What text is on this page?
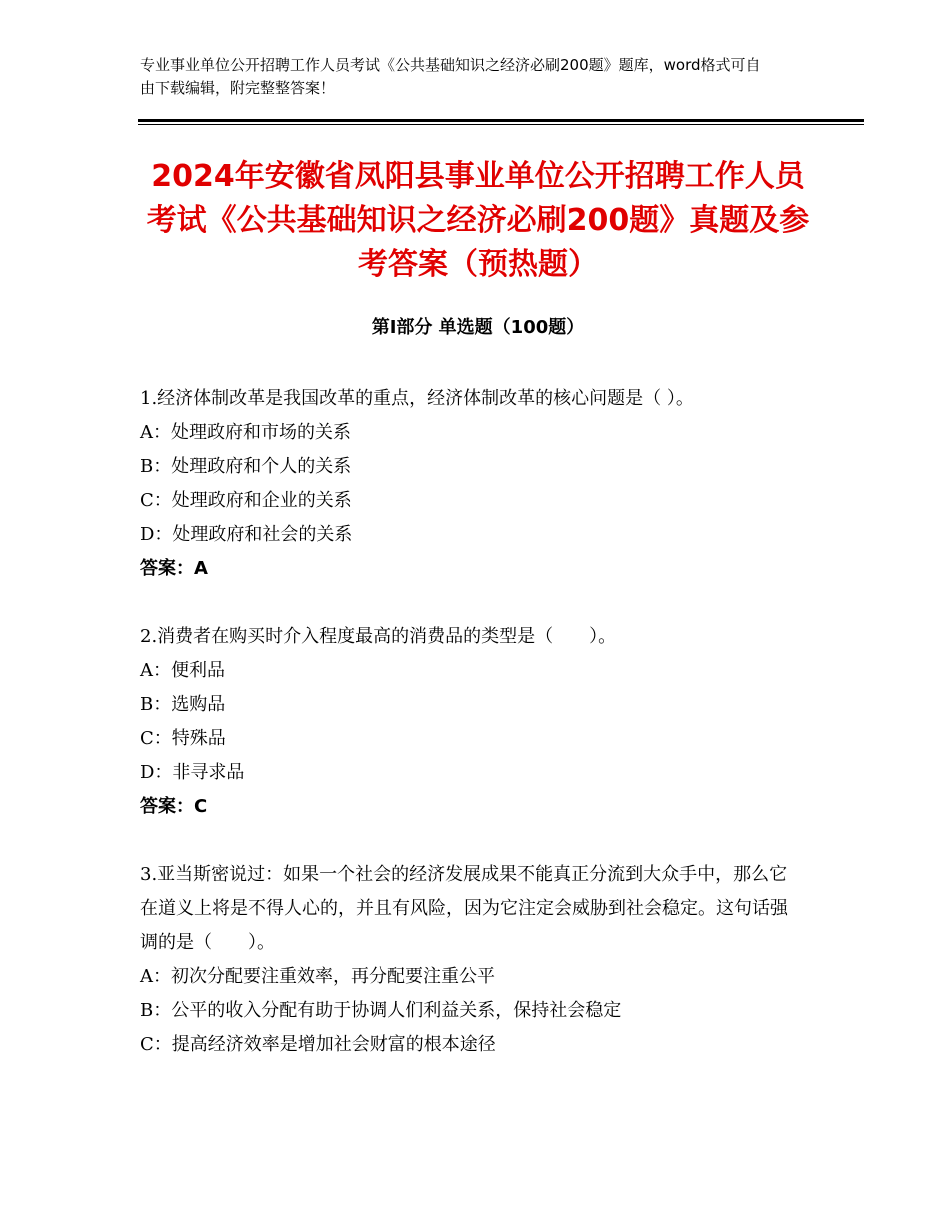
专业事业单位公开招聘工作人员考试《公共基础知识之经济必刷200题》题库，word格式可自由下载编辑，附完整整答案！

2024年安徽省凤阳县事业单位公开招聘工作人员考试《公共基础知识之经济必刷200题》真题及参考答案（预热题）
第Ⅰ部分 单选题（100题）

1.经济体制改革是我国改革的重点，经济体制改革的核心问题是（ ）。

A：处理政府和市场的关系

B：处理政府和个人的关系

C：处理政府和企业的关系

D：处理政府和社会的关系

答案：A

2.消费者在购买时介入程度最高的消费品的类型是（　　）。

A：便利品

B：选购品

C：特殊品

D：非寻求品

答案：C

3.亚当斯密说过：如果一个社会的经济发展成果不能真正分流到大众手中，那么它在道义上将是不得人心的，并且有风险，因为它注定会威胁到社会稳定。这句话强调的是（　　）。

A：初次分配要注重效率，再分配要注重公平

B：公平的收入分配有助于协调人们利益关系，保持社会稳定

C：提高经济效率是增加社会财富的根本途径
